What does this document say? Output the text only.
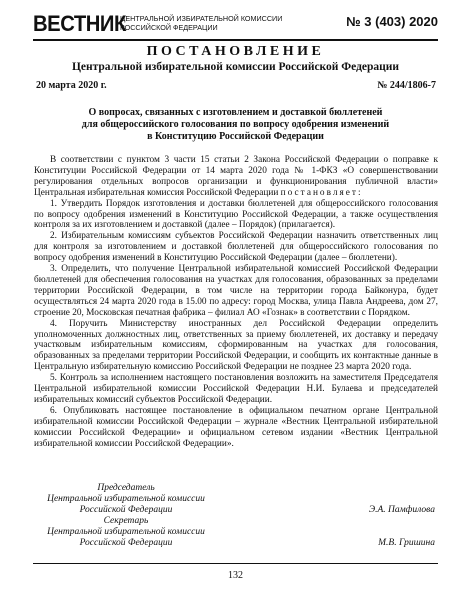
ВЕСТНИК
ЦЕНТРАЛЬНОЙ ИЗБИРАТЕЛЬНОЙ КОМИССИИ
РОССИЙСКОЙ ФЕДЕРАЦИИ	№ 3 (403) 2020
ПОСТАНОВЛЕНИЕ
Центральной избирательной комиссии Российской Федерации
20 марта 2020 г.	№ 244/1806-7
О вопросах, связанных с изготовлением и доставкой бюллетеней
для общероссийского голосования по вопросу одобрения изменений
в Конституцию Российской Федерации

В соответствии с пунктом 3 части 15 статьи 2 Закона Российской Федерации о поправке к Конституции Российской Федерации от 14 марта 2020 года № 1-ФКЗ «О совершенствовании регулирования отдельных вопросов организации и функционирования публичной власти» Центральная избирательная комиссия Российской Федерации постановляет:

1. Утвердить Порядок изготовления и доставки бюллетеней для общероссийского голосования по вопросу одобрения изменений в Конституцию Российской Федерации, а также осуществления контроля за их изготовлением и доставкой (далее – Порядок) (прилагается).

2. Избирательным комиссиям субъектов Российской Федерации назначить ответственных лиц для контроля за изготовлением и доставкой бюллетеней для общероссийского голосования по вопросу одобрения изменений в Конституцию Российской Федерации (далее – бюллетени).

3. Определить, что получение Центральной избирательной комиссией Российской Федерации бюллетеней для обеспечения голосования на участках для голосования, образованных за пределами территории Российской Федерации, в том числе на территории города Байконура, будет осуществляться 24 марта 2020 года в 15.00 по адресу: город Москва, улица Павла Андреева, дом 27, строение 20, Московская печатная фабрика – филиал АО «Гознак» в соответствии с Порядком.

4. Поручить Министерству иностранных дел Российской Федерации определить уполномоченных должностных лиц, ответственных за приему бюллетеней, их доставку и передачу участковым избирательным комиссиям, сформированным на участках для голосования, образованных за пределами территории Российской Федерации, и сообщить их контактные данные в Центральную избирательную комиссию Российской Федерации не позднее 23 марта 2020 года.

5. Контроль за исполнением настоящего постановления возложить на заместителя Председателя Центральной избирательной комиссии Российской Федерации Н.И. Булаева и председателей избирательных комиссий субъектов Российской Федерации.

6. Опубликовать настоящее постановление в официальном печатном органе Центральной избирательной комиссии Российской Федерации – журнале «Вестник Центральной избирательной комиссии Российской Федерации» и официальном сетевом издании «Вестник Центральной избирательной комиссии Российской Федерации».

Председатель
Центральной избирательной комиссии
Российской Федерации	Э.А. Памфилова
Секретарь
Центральной избирательной комиссии
Российской Федерации	М.В. Гришина
132
